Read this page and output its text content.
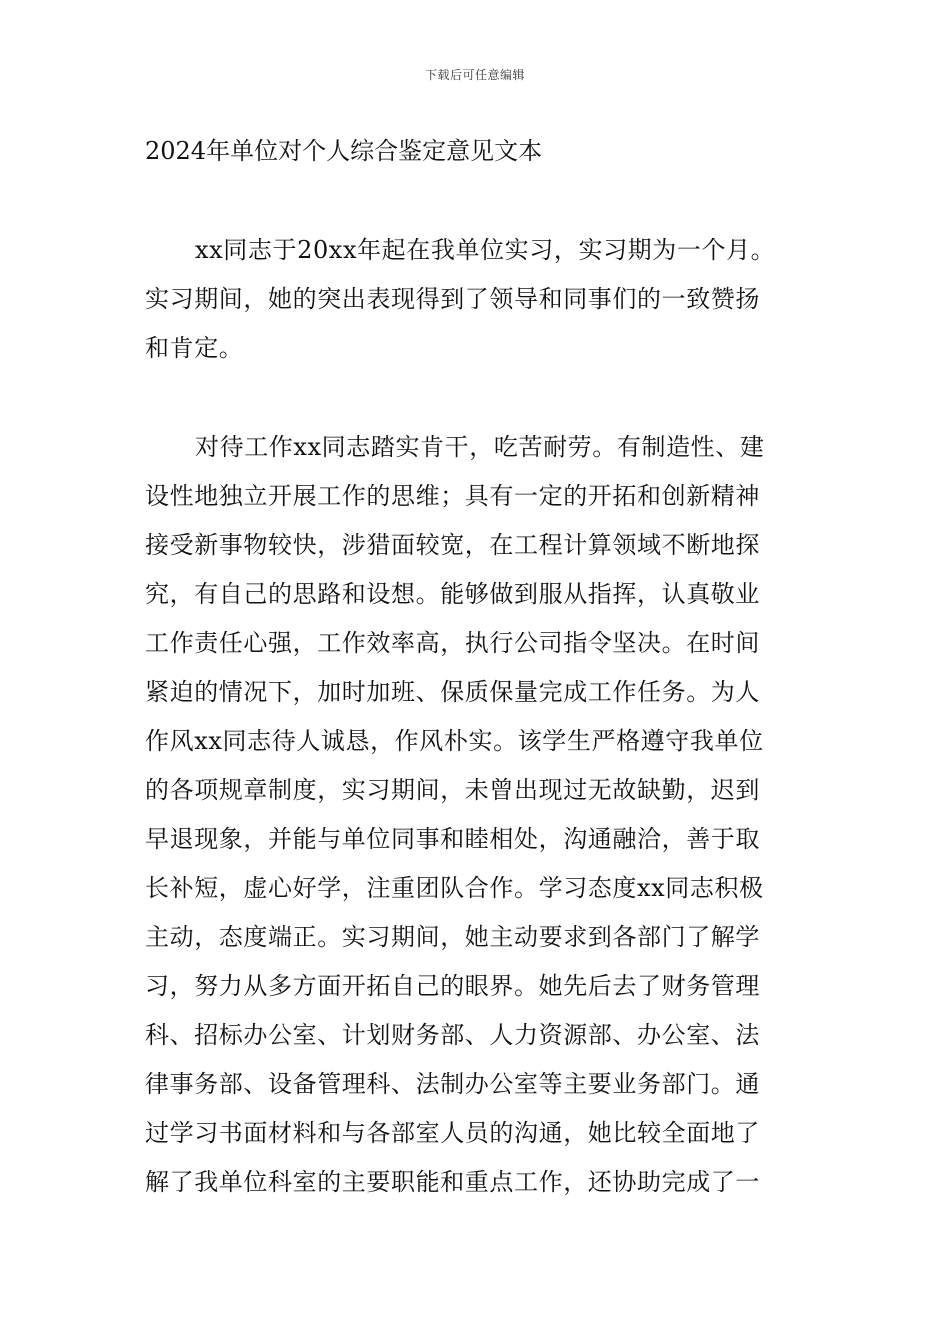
下载后可任意编辑
2024年单位对个人综合鉴定意见文本
xx同志于20xx年起在我单位实习，实习期为一个月。
实习期间，她的突出表现得到了领导和同事们的一致赞扬
和肯定。
对待工作xx同志踏实肯干，吃苦耐劳。有制造性、建
设性地独立开展工作的思维；具有一定的开拓和创新精神
接受新事物较快，涉猎面较宽，在工程计算领域不断地探
究，有自己的思路和设想。能够做到服从指挥，认真敬业
工作责任心强，工作效率高，执行公司指令坚决。在时间
紧迫的情况下，加时加班、保质保量完成工作任务。为人
作风xx同志待人诚恳，作风朴实。该学生严格遵守我单位
的各项规章制度，实习期间，未曾出现过无故缺勤，迟到
早退现象，并能与单位同事和睦相处，沟通融洽，善于取
长补短，虚心好学，注重团队合作。学习态度xx同志积极
主动，态度端正。实习期间，她主动要求到各部门了解学
习，努力从多方面开拓自己的眼界。她先后去了财务管理
科、招标办公室、计划财务部、人力资源部、办公室、法
律事务部、设备管理科、法制办公室等主要业务部门。通
过学习书面材料和与各部室人员的沟通，她比较全面地了
解了我单位科室的主要职能和重点工作，还协助完成了一
